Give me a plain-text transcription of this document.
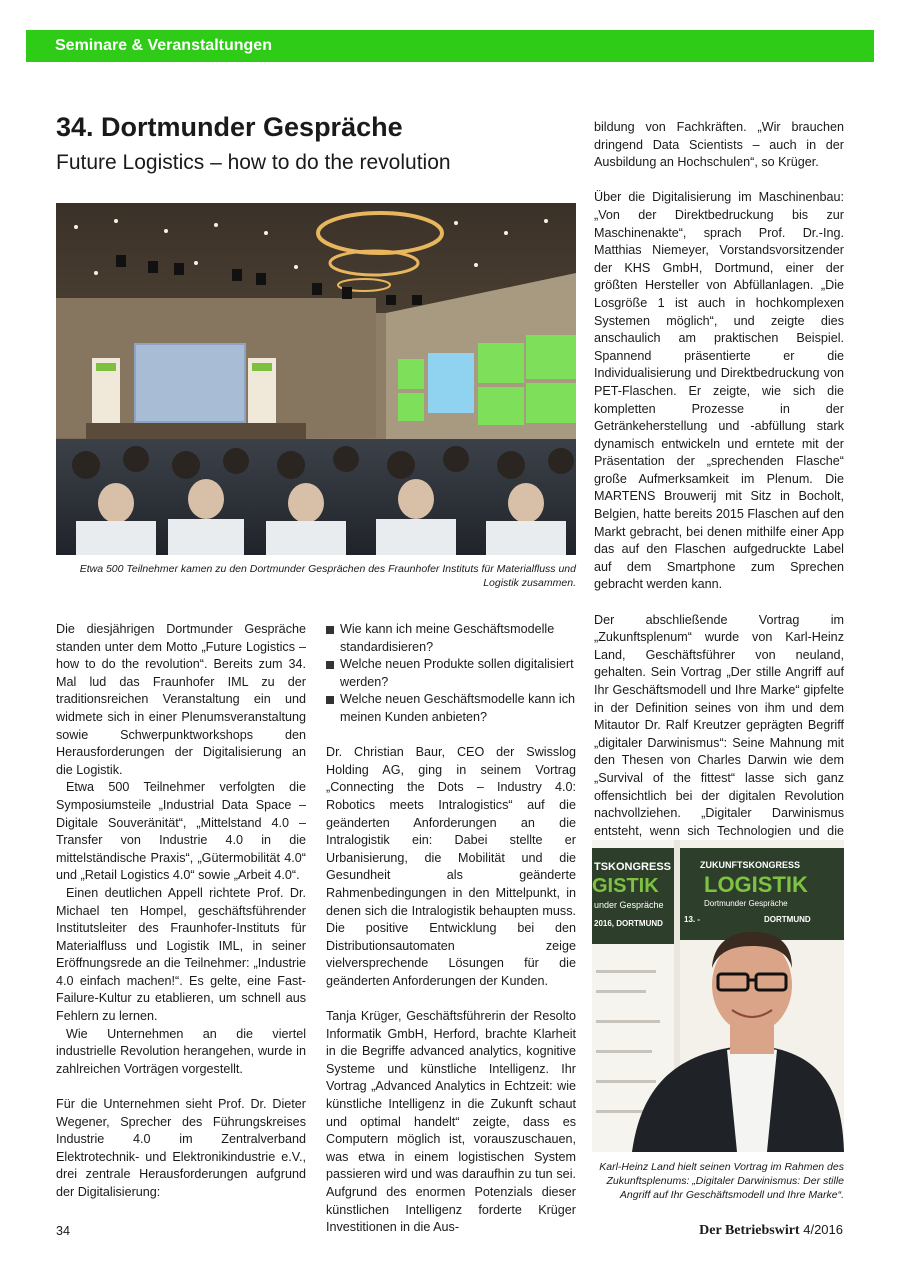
Seminare & Veranstaltungen
34. Dortmunder Gespräche
Future Logistics – how to do the revolution
Etwa 500 Teilnehmer kamen zu den Dortmunder Gesprächen des Fraunhofer Instituts für Materialfluss und Logistik zusammen.

Die diesjährigen Dortmunder Gespräche standen unter dem Motto „Future Logistics – how to do the revolution“. Bereits zum 34. Mal lud das Fraunhofer IML zu der traditionsreichen Veranstaltung ein und widmete sich in einer Plenumsveranstaltung sowie Schwerpunktworkshops den Herausforderungen der Digitalisierung an die Logistik.

Etwa 500 Teilnehmer verfolgten die Symposiumsteile „Industrial Data Space – Digitale Souveränität“, „Mittelstand 4.0 – Transfer von Industrie 4.0 in die mittelständische Praxis“, „Gütermobilität 4.0“ und „Retail Logistics 4.0“ sowie „Arbeit 4.0“.

Einen deutlichen Appell richtete Prof. Dr. Michael ten Hompel, geschäftsführender Institutsleiter des Fraunhofer-Instituts für Materialfluss und Logistik IML, in seiner Eröffnungsrede an die Teilnehmer: „Industrie 4.0 einfach machen!“. Es gelte, eine Fast-Failure-Kultur zu etablieren, um schnell aus Fehlern zu lernen.

Wie Unternehmen an die viertel industrielle Revolution herangehen, wurde in zahlreichen Vorträgen vorgestellt.

Für die Unternehmen sieht Prof. Dr. Dieter Wegener, Sprecher des Führungskreises Industrie 4.0 im Zentralverband Elektrotechnik- und Elektronikindustrie e.V., drei zentrale Herausforderungen aufgrund der Digitalisierung:

Wie kann ich meine Geschäftsmodelle standardisieren?
Welche neuen Produkte sollen digitalisiert werden?
Welche neuen Geschäftsmodelle kann ich meinen Kunden anbieten?

Dr. Christian Baur, CEO der Swisslog Holding AG, ging in seinem Vortrag „Connecting the Dots – Industry 4.0: Robotics meets Intralogistics“ auf die geänderten Anforderungen an die Intralogistik ein: Dabei stellte er Urbanisierung, die Mobilität und die Gesundheit als geänderte Rahmenbedingungen in den Mittelpunkt, in denen sich die Intralogistik behaupten muss. Die positive Entwicklung bei den Distributionsautomaten zeige vielversprechende Lösungen für die geänderten Anforderungen der Kunden.

Tanja Krüger, Geschäftsführerin der Resolto Informatik GmbH, Herford, brachte Klarheit in die Begriffe advanced analytics, kognitive Systeme und künstliche Intelligenz. Ihr Vortrag „Advanced Analytics in Echtzeit: wie künstliche Intelligenz in die Zukunft schaut und optimal handelt“ zeigte, dass es Computern möglich ist, vorauszuschauen, was etwa in einem logistischen System passieren wird und was daraufhin zu tun sei. Aufgrund des enormen Potenzials dieser künstlichen Intelligenz forderte Krüger Investitionen in die Aus-

bildung von Fachkräften. „Wir brauchen dringend Data Scientists – auch in der Ausbildung an Hochschulen“, so Krüger.

Über die Digitalisierung im Maschinenbau: „Von der Direktbedruckung bis zur Maschinenakte“, sprach Prof. Dr.-Ing. Matthias Niemeyer, Vorstandsvorsitzender der KHS GmbH, Dortmund, einer der größten Hersteller von Abfüllanlagen. „Die Losgröße 1 ist auch in hochkomplexen Systemen möglich“, und zeigte dies anschaulich am praktischen Beispiel. Spannend präsentierte er die Individualisierung und Direktbedruckung von PET-Flaschen. Er zeigte, wie sich die kompletten Prozesse in der Getränkeherstellung und -abfüllung stark dynamisch entwickeln und erntete mit der Präsentation der „sprechenden Flasche“ große Aufmerksamkeit im Plenum. Die MARTENS Brouwerij mit Sitz in Bocholt, Belgien, hatte bereits 2015 Flaschen auf den Markt gebracht, bei denen mithilfe einer App das auf den Flaschen aufgedruckte Label auf dem Smartphone zum Sprechen gebracht werden kann.

Der abschließende Vortrag im „Zukunftsplenum“ wurde von Karl-Heinz Land, Geschäftsführer von neuland, gehalten. Sein Vortrag „Der stille Angriff auf Ihr Geschäftsmodell und Ihre Marke“ gipfelte in der Definition seines von ihm und dem Mitautor Dr. Ralf Kreutzer geprägten Begriff „digitaler Darwinismus“: Seine Mahnung mit den Thesen von Charles Darwin wie dem „Survival of the fittest“ lasse sich ganz offensichtlich bei der digitalen Revolution nachvollziehen. „Digitaler Darwinismus entsteht, wenn sich Technologien und die

TSKONGRESS
GISTIK
under Gespräche
2016, DORTMUND
ZUKUNFTSKONGRESS
LOGISTIK
Dortmunder Gespräche
13. -	DORTMUND
Karl-Heinz Land hielt seinen Vortrag im Rahmen des Zukunftsplenums: „Digitaler Darwinismus: Der stille Angriff auf Ihr Geschäftsmodell und Ihre Marke“.
34	Der Betriebswirt 4/2016
